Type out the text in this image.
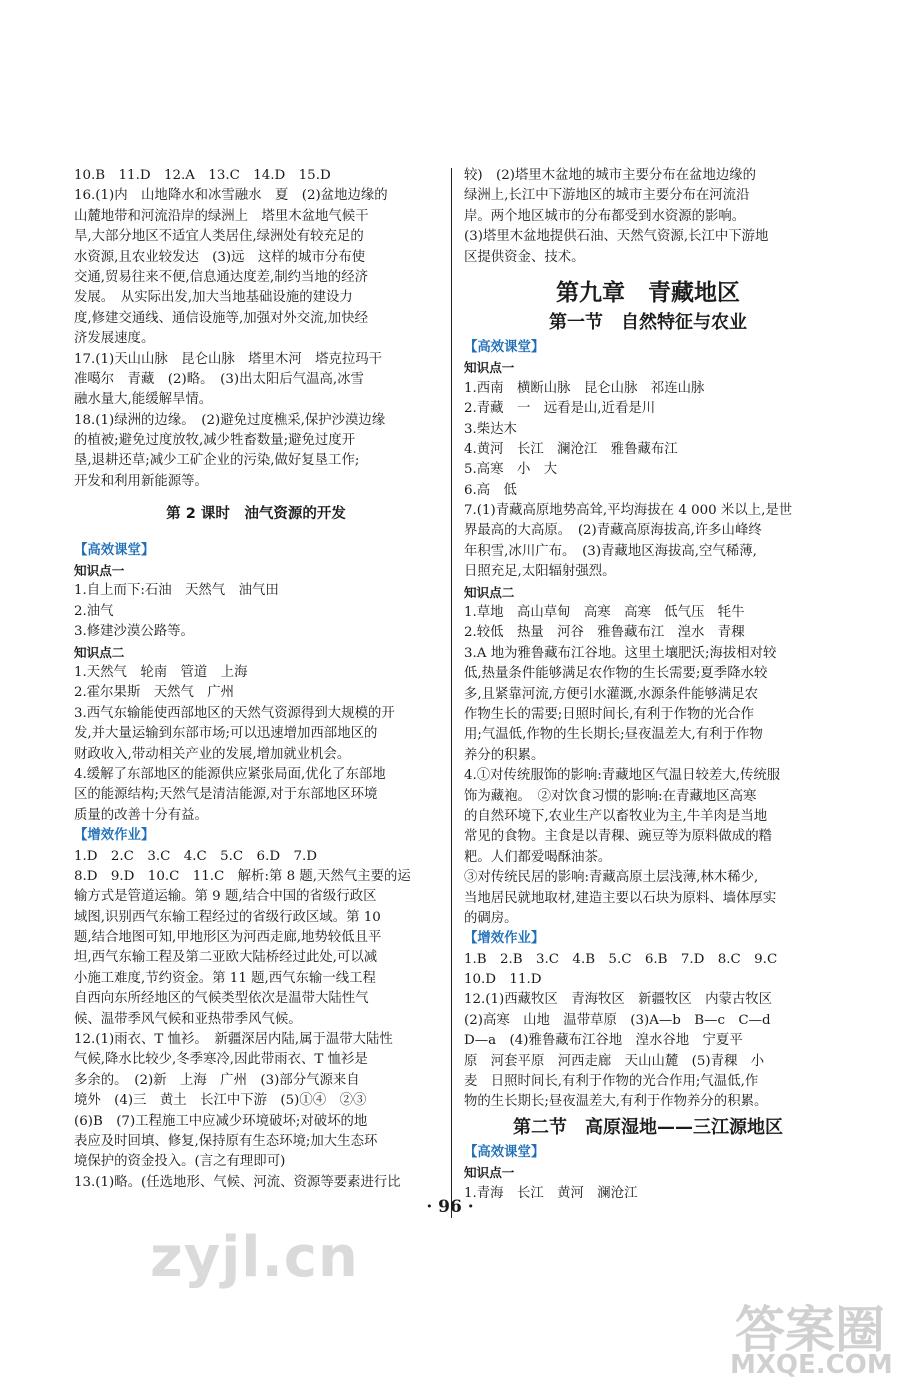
10.B　11.D　12.A　13.C　14.D　15.D
16.(1)内　山地降水和冰雪融水　夏　(2)盆地边缘的
山麓地带和河流沿岸的绿洲上　塔里木盆地气候干
旱,大部分地区不适宜人类居住,绿洲处有较充足的
水资源,且农业较发达　(3)远　这样的城市分布使
交通,贸易往来不便,信息通达度差,制约当地的经济
发展。　从实际出发,加大当地基础设施的建设力
度,修建交通线、通信设施等,加强对外交流,加快经
济发展速度。
17.(1)天山山脉　昆仑山脉　塔里木河　塔克拉玛干
准噶尔　青藏　(2)略。　(3)出太阳后气温高,冰雪
融水量大,能缓解旱情。
18.(1)绿洲的边缘。　(2)避免过度樵采,保护沙漠边缘
的植被;避免过度放牧,减少牲畜数量;避免过度开
垦,退耕还草;减少工矿企业的污染,做好复垦工作;
开发和利用新能源等。
第 2 课时　油气资源的开发
【高效课堂】
知识点一
1.自上而下:石油　天然气　油气田
2.油气
3.修建沙漠公路等。
知识点二
1.天然气　轮南　管道　上海
2.霍尔果斯　天然气　广州
3.西气东输能使西部地区的天然气资源得到大规模的开
发,并大量运输到东部市场;可以迅速增加西部地区的
财政收入,带动相关产业的发展,增加就业机会。
4.缓解了东部地区的能源供应紧张局面,优化了东部地
区的能源结构;天然气是清洁能源,对于东部地区环境
质量的改善十分有益。
【增效作业】
1.D　2.C　3.C　4.C　5.C　6.D　7.D
8.D　9.D　10.C　11.C　解析:第 8 题,天然气主要的运
输方式是管道运输。第 9 题,结合中国的省级行政区
域图,识别西气东输工程经过的省级行政区域。第 10
题,结合地图可知,甲地形区为河西走廊,地势较低且平
坦,西气东输工程及第二亚欧大陆桥经过此处,可以减
小施工难度,节约资金。第 11 题,西气东输一线工程
自西向东所经地区的气候类型依次是温带大陆性气
候、温带季风气候和亚热带季风气候。
12.(1)雨衣、T 恤衫。　新疆深居内陆,属于温带大陆性
气候,降水比较少,冬季寒冷,因此带雨衣、T 恤衫是
多余的。　(2)新　上海　广州　(3)部分气源来自
境外　(4)三　黄土　长江中下游　(5)①④　②③
(6)B　(7)工程施工中应减少环境破坏;对破坏的地
表应及时回填、修复,保持原有生态环境;加大生态环
境保护的资金投入。(言之有理即可)
13.(1)略。(任选地形、气候、河流、资源等要素进行比
较)　(2)塔里木盆地的城市主要分布在盆地边缘的
绿洲上,长江中下游地区的城市主要分布在河流沿
岸。两个地区城市的分布都受到水资源的影响。
(3)塔里木盆地提供石油、天然气资源,长江中下游地
区提供资金、技术。
第九章　青藏地区
第一节　自然特征与农业
【高效课堂】
知识点一
1.西南　横断山脉　昆仑山脉　祁连山脉
2.青藏　一　远看是山,近看是川
3.柴达木
4.黄河　长江　澜沧江　雅鲁藏布江
5.高寒　小　大
6.高　低
7.(1)青藏高原地势高耸,平均海拔在 4 000 米以上,是世
界最高的大高原。　(2)青藏高原海拔高,许多山峰终
年积雪,冰川广布。　(3)青藏地区海拔高,空气稀薄,
日照充足,太阳辐射强烈。
知识点二
1.草地　高山草甸　高寒　高寒　低气压　牦牛
2.较低　热量　河谷　雅鲁藏布江　湟水　青稞
3.A 地为雅鲁藏布江谷地。这里土壤肥沃;海拔相对较
低,热量条件能够满足农作物的生长需要;夏季降水较
多,且紧靠河流,方便引水灌溉,水源条件能够满足农
作物生长的需要;日照时间长,有利于作物的光合作
用;气温低,作物的生长期长;昼夜温差大,有利于作物
养分的积累。
4.①对传统服饰的影响:青藏地区气温日较差大,传统服
饰为藏袍。　②对饮食习惯的影响:在青藏地区高寒
的自然环境下,农业生产以畜牧业为主,牛羊肉是当地
常见的食物。主食是以青稞、豌豆等为原料做成的糌
粑。人们都爱喝酥油茶。
③对传统民居的影响:青藏高原土层浅薄,林木稀少,
当地居民就地取材,建造主要以石块为原料、墙体厚实
的碉房。
【增效作业】
1.B　2.B　3.C　4.B　5.C　6.B　7.D　8.C　9.C
10.D　11.D
12.(1)西藏牧区　青海牧区　新疆牧区　内蒙古牧区
(2)高寒　山地　温带草原　(3)A—b　B—c　C—d
D—a　(4)雅鲁藏布江谷地　湟水谷地　宁夏平
原　河套平原　河西走廊　天山山麓　(5)青稞　小
麦　日照时间长,有利于作物的光合作用;气温低,作
物的生长期长;昼夜温差大,有利于作物养分的积累。
第二节　高原湿地——三江源地区
【高效课堂】
知识点一
1.青海　长江　黄河　澜沧江
· 96 ·
zyjl.cn
答案圈
MXQE.COM
